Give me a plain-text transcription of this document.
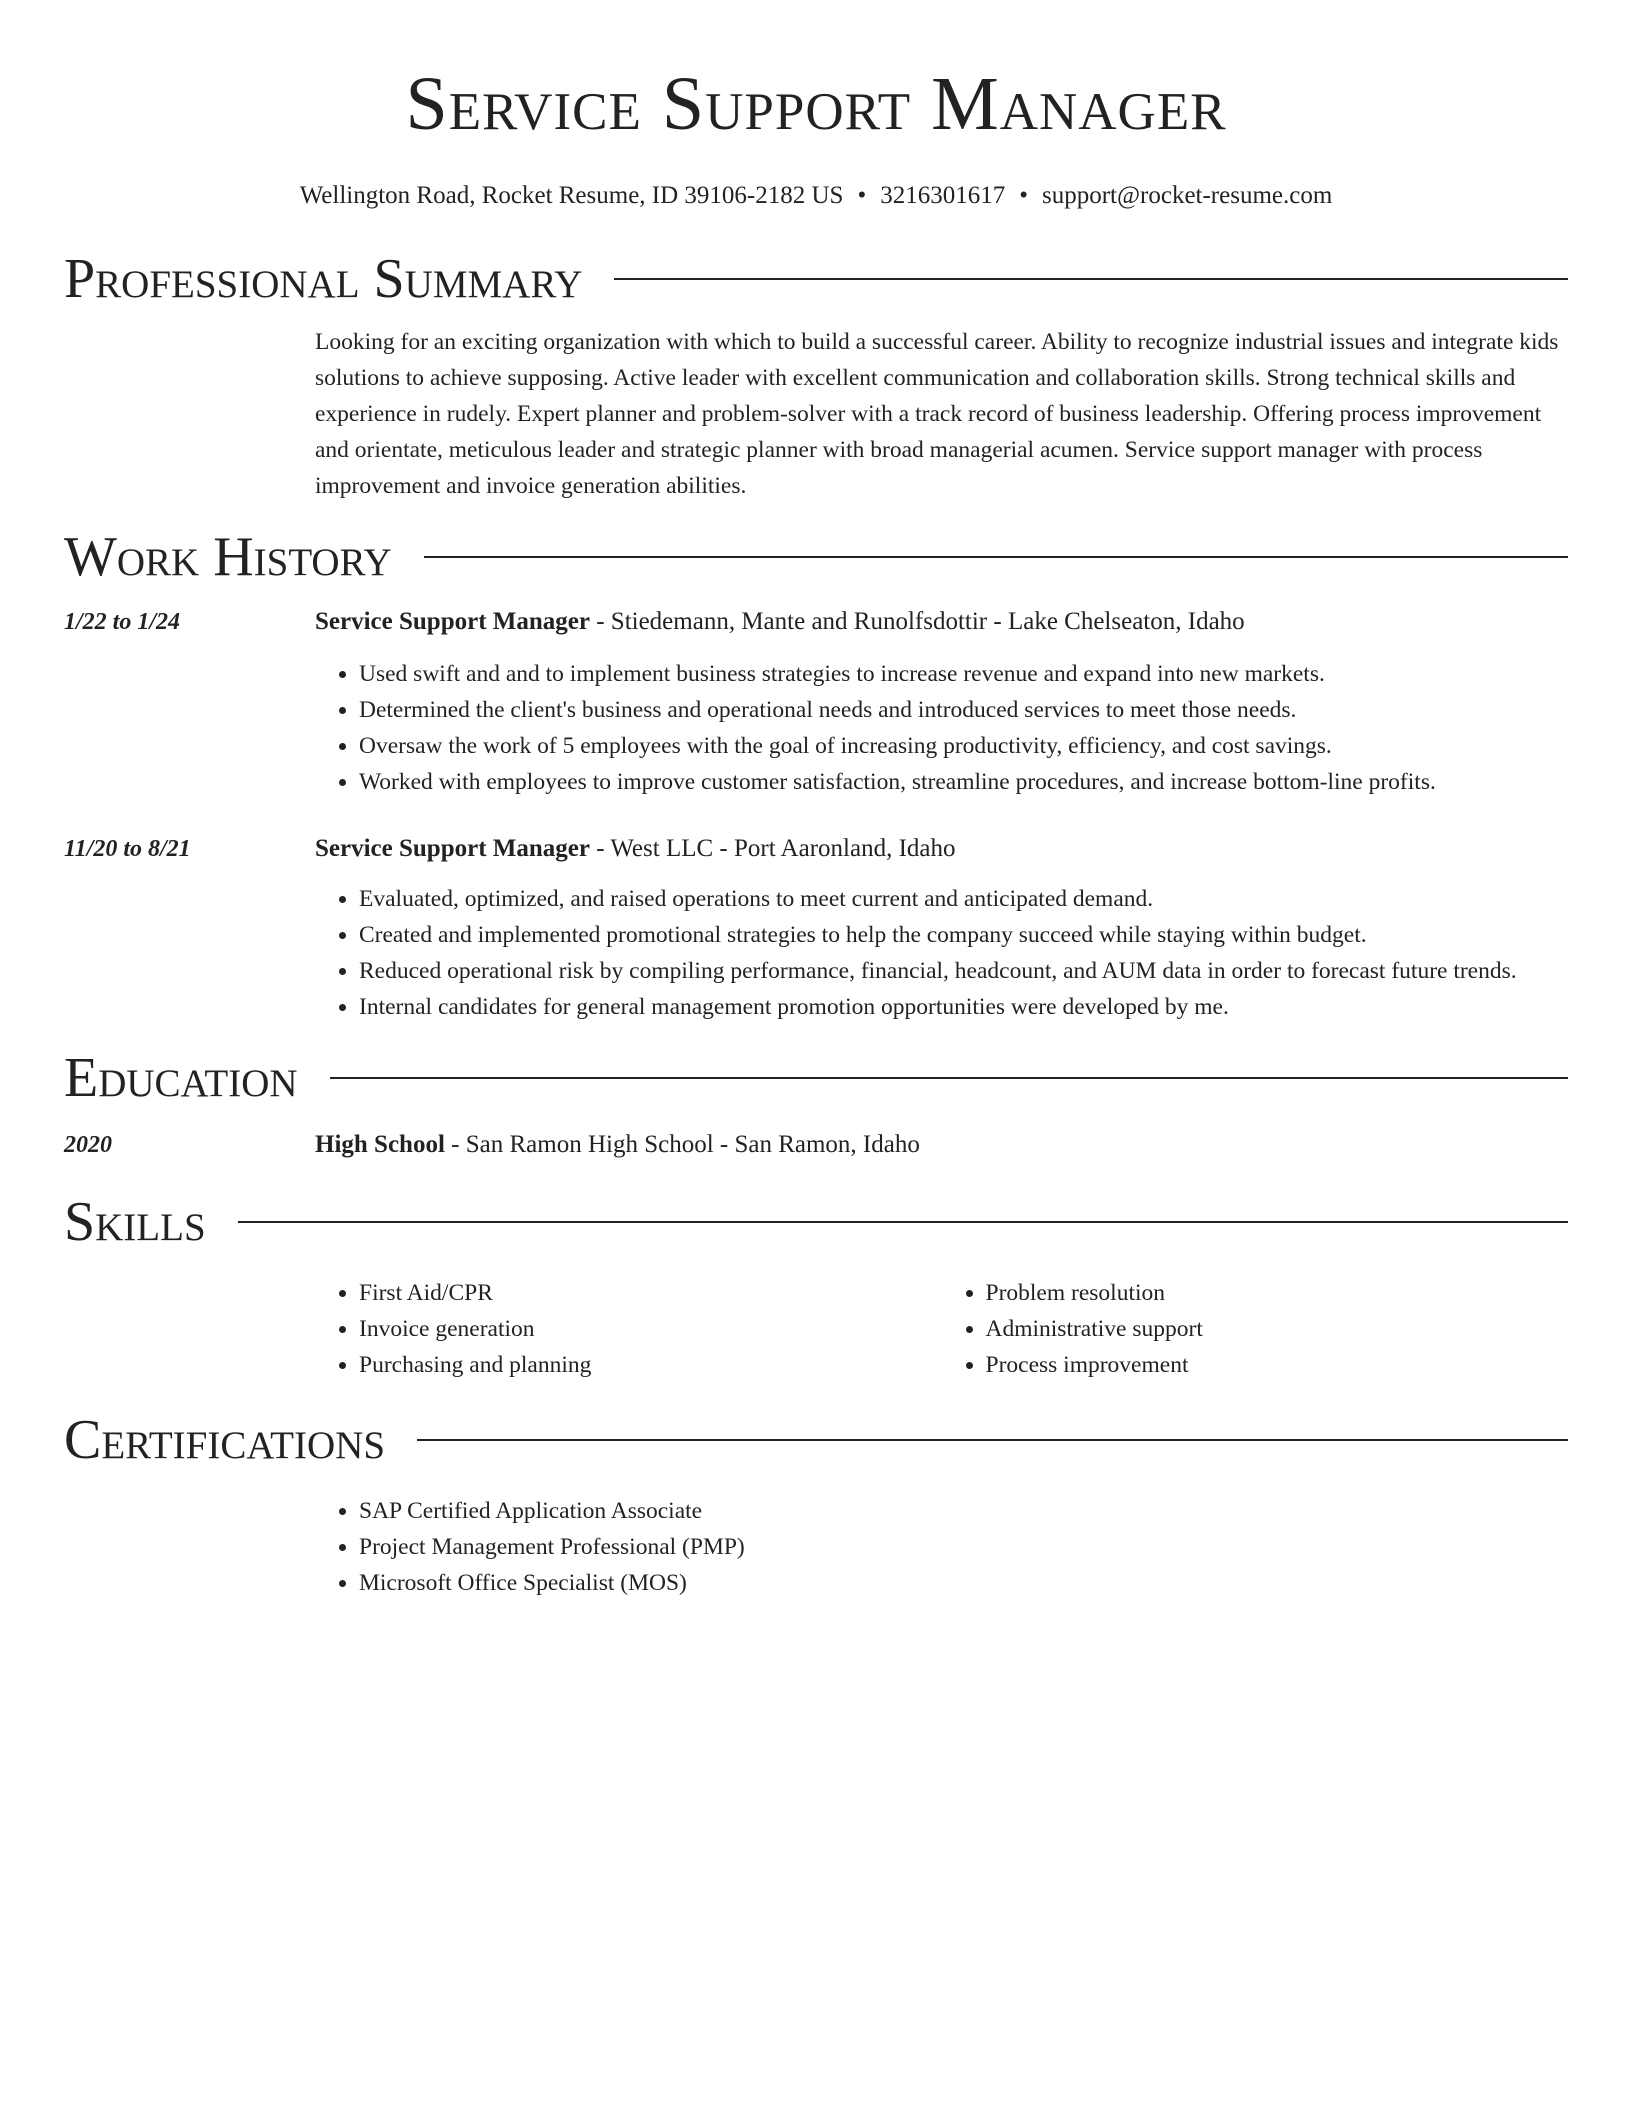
Service Support Manager
Wellington Road, Rocket Resume, ID 39106-2182 US • 3216301617 • support@rocket-resume.com
Professional Summary

Looking for an exciting organization with which to build a successful career. Ability to recognize industrial issues and integrate kids solutions to achieve supposing. Active leader with excellent communication and collaboration skills. Strong technical skills and experience in rudely. Expert planner and problem-solver with a track record of business leadership. Offering process improvement and orientate, meticulous leader and strategic planner with broad managerial acumen. Service support manager with process improvement and invoice generation abilities.

Work History
1/22 to 1/24	Service Support Manager - Stiedemann, Mante and Runolfsdottir - Lake Chelseaton, Idaho
• Used swift and and to implement business strategies to increase revenue and expand into new markets.
• Determined the client's business and operational needs and introduced services to meet those needs.
• Oversaw the work of 5 employees with the goal of increasing productivity, efficiency, and cost savings.
• Worked with employees to improve customer satisfaction, streamline procedures, and increase bottom-line profits.
11/20 to 8/21	Service Support Manager - West LLC - Port Aaronland, Idaho
• Evaluated, optimized, and raised operations to meet current and anticipated demand.
• Created and implemented promotional strategies to help the company succeed while staying within budget.
• Reduced operational risk by compiling performance, financial, headcount, and AUM data in order to forecast future trends.
• Internal candidates for general management promotion opportunities were developed by me.
Education
2020	High School - San Ramon High School - San Ramon, Idaho
Skills
• First Aid/CPR
• Invoice generation
• Purchasing and planning
• Problem resolution
• Administrative support
• Process improvement
Certifications
• SAP Certified Application Associate
• Project Management Professional (PMP)
• Microsoft Office Specialist (MOS)
